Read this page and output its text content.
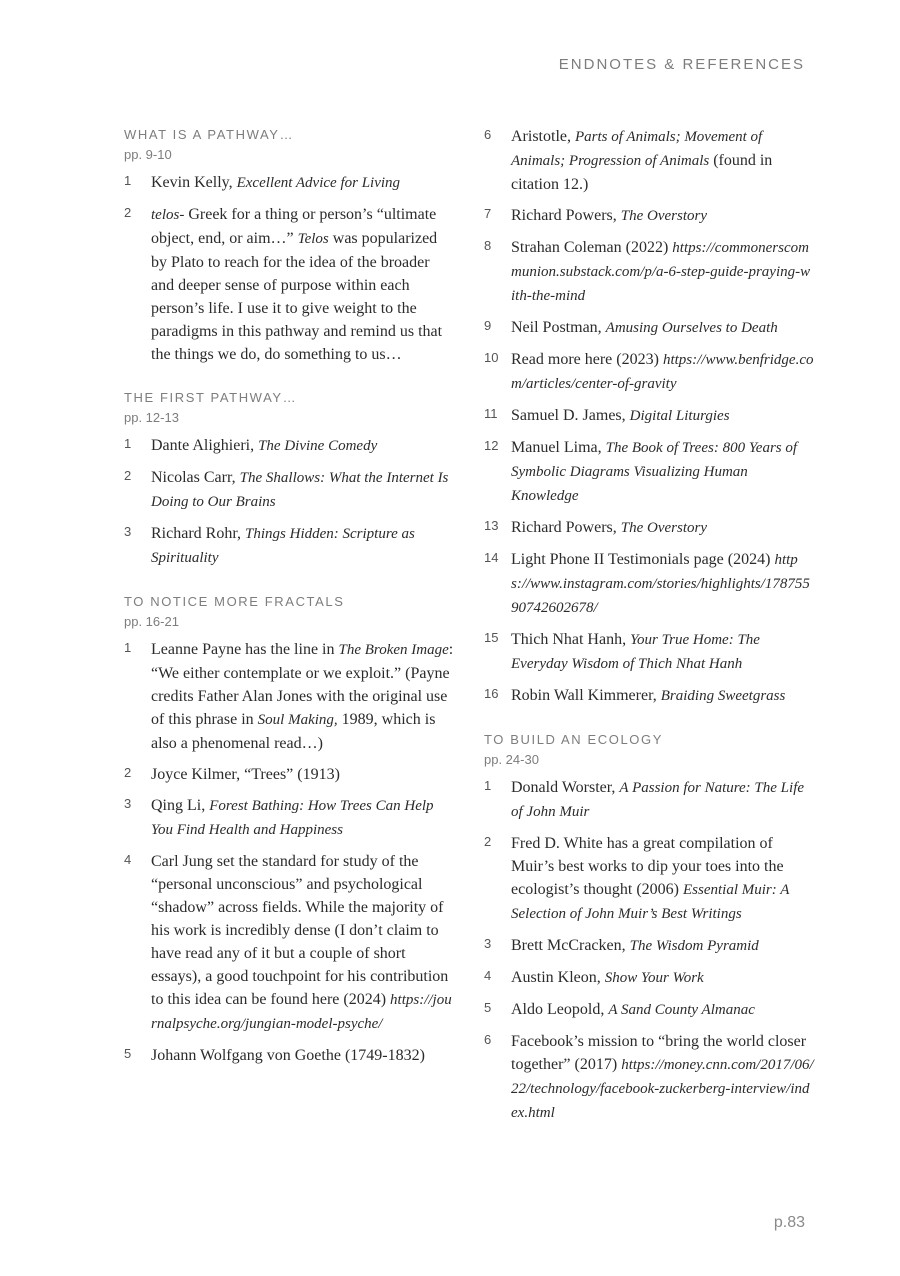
ENDNOTES & REFERENCES
WHAT IS A PATHWAY…
pp. 9-10
1	Kevin Kelly, Excellent Advice for Living
2	telos- Greek for a thing or person’s “ultimate object, end, or aim…” Telos was popularized by Plato to reach for the idea of the broader and deeper sense of purpose within each person’s life. I use it to give weight to the paradigms in this pathway and remind us that the things we do, do something to us…
THE FIRST PATHWAY…
pp. 12-13
1	Dante Alighieri, The Divine Comedy
2	Nicolas Carr, The Shallows: What the Internet Is Doing to Our Brains
3	Richard Rohr, Things Hidden: Scripture as Spirituality
TO NOTICE MORE FRACTALS
pp. 16-21
1	Leanne Payne has the line in The Broken Image: “We either contemplate or we exploit.” (Payne credits Father Alan Jones with the original use of this phrase in Soul Making, 1989, which is also a phenomenal read…)
2	Joyce Kilmer, “Trees” (1913)
3	Qing Li, Forest Bathing: How Trees Can Help You Find Health and Happiness
4	Carl Jung set the standard for study of the “personal unconscious” and psychological “shadow” across fields. While the majority of his work is incredibly dense (I don’t claim to have read any of it but a couple of short essays), a good touchpoint for his contribution to this idea can be found here (2024) https://journalpsyche.org/jungian-model-psyche/
5	Johann Wolfgang von Goethe (1749-1832)
6	Aristotle, Parts of Animals; Movement of Animals; Progression of Animals (found in citation 12.)
7	Richard Powers, The Overstory
8	Strahan Coleman (2022) https://commonerscommunion.substack.com/p/a-6-step-guide-praying-with-the-mind
9	Neil Postman, Amusing Ourselves to Death
10 Read more here (2023) https://www.benfridge.com/articles/center-of-gravity
11 Samuel D. James, Digital Liturgies
12 Manuel Lima, The Book of Trees: 800 Years of Symbolic Diagrams Visualizing Human Knowledge
13 Richard Powers, The Overstory
14 Light Phone II Testimonials page (2024) https://www.instagram.com/stories/highlights/17875590742602678/
15 Thich Nhat Hanh, Your True Home: The Everyday Wisdom of Thich Nhat Hanh
16 Robin Wall Kimmerer, Braiding Sweetgrass
TO BUILD AN ECOLOGY
pp. 24-30
1	Donald Worster, A Passion for Nature: The Life of John Muir
2	Fred D. White has a great compilation of Muir’s best works to dip your toes into the ecologist’s thought (2006) Essential Muir: A Selection of John Muir’s Best Writings
3	Brett McCracken, The Wisdom Pyramid
4	Austin Kleon, Show Your Work
5	Aldo Leopold, A Sand County Almanac
6	Facebook’s mission to “bring the world closer together” (2017) https://money.cnn.com/2017/06/22/technology/facebook-zuckerberg-interview/index.html
p.83
